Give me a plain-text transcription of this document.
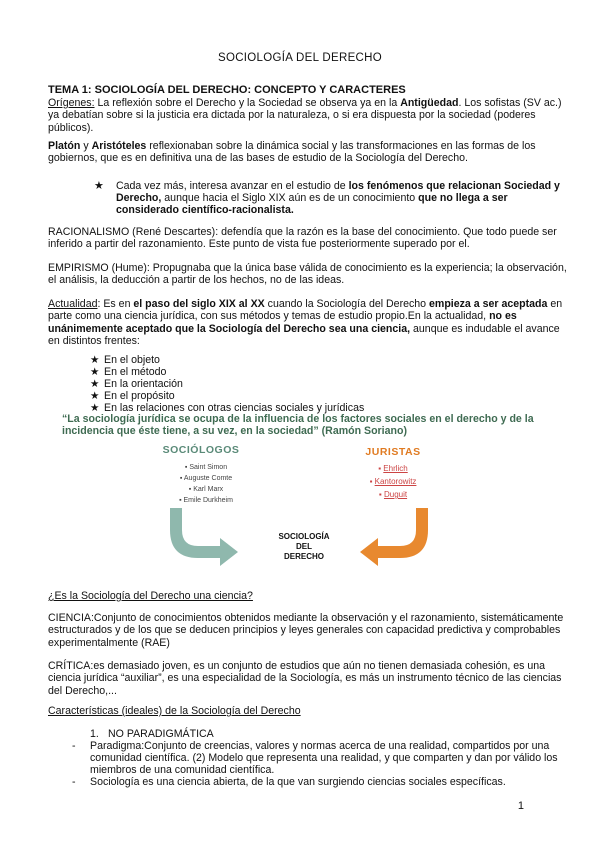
SOCIOLOGÍA DEL DERECHO
TEMA 1: SOCIOLOGÍA DEL DERECHO: CONCEPTO Y CARACTERES
Orígenes: La reflexión sobre el Derecho y la Sociedad se observa ya en la Antigüedad. Los sofistas (SV ac.) ya debatían sobre si la justicia era dictada por la naturaleza, o si era dispuesta por la sociedad (poderes públicos).
Platón y Aristóteles reflexionaban sobre la dinámica social y las transformaciones en las formas de los gobiernos, que es en definitiva una de las bases de estudio de la Sociología del Derecho.
★ Cada vez más, interesa avanzar en el estudio de los fenómenos que relacionan Sociedad y Derecho, aunque hacia el Siglo XIX aún es de un conocimiento que no llega a ser considerado científico-racionalista.
RACIONALISMO (René Descartes): defendía que la razón es la base del conocimiento. Que todo puede ser inferido a partir del razonamiento. Este punto de vista fue posteriormente superado por el.
EMPIRISMO (Hume): Propugnaba que la única base válida de conocimiento es la experiencia; la observación, el análisis, la deducción a partir de los hechos, no de las ideas.
Actualidad: Es en el paso del siglo XIX al XX cuando la Sociología del Derecho empieza a ser aceptada en parte como una ciencia jurídica, con sus métodos y temas de estudio propio.En la actualidad, no es unánimemente aceptado que la Sociología del Derecho sea una ciencia, aunque es indudable el avance en distintos frentes:
★ En el objeto
★ En el método
★ En la orientación
★ En el propósito
★ En las relaciones con otras ciencias sociales y jurídicas
“La sociología jurídica se ocupa de la influencia de los factores sociales en el derecho y de la incidencia que éste tiene, a su vez, en la sociedad” (Ramón Soriano)
SOCIÓLOGOS
▪ Saint Simon
▪ Auguste Comte
▪ Karl Marx
▪ Emile Durkheim
JURISTAS
▪ Ehrlich
▪ Kantorowitz
▪ Duguit
SOCIOLOGÍA
DEL
DERECHO
¿Es la Sociología del Derecho una ciencia?
CIENCIA:Conjunto de conocimientos obtenidos mediante la observación y el razonamiento, sistemáticamente estructurados y de los que se deducen principios y leyes generales con capacidad predictiva y comprobables experimentalmente (RAE)
CRÍTICA:es demasiado joven, es un conjunto de estudios que aún no tienen demasiada cohesión, es una ciencia jurídica “auxiliar”, es una especialidad de la Sociología, es más un instrumento técnico de las ciencias del Derecho,...
Características (ideales) de la Sociología del Derecho
1. NO PARADIGMÁTICA
- Paradigma:Conjunto de creencias, valores y normas acerca de una realidad, compartidos por una comunidad científica. (2) Modelo que representa una realidad, y que comparten y dan por válido los miembros de una comunidad científica.
- Sociología es una ciencia abierta, de la que van surgiendo ciencias sociales específicas.
1
